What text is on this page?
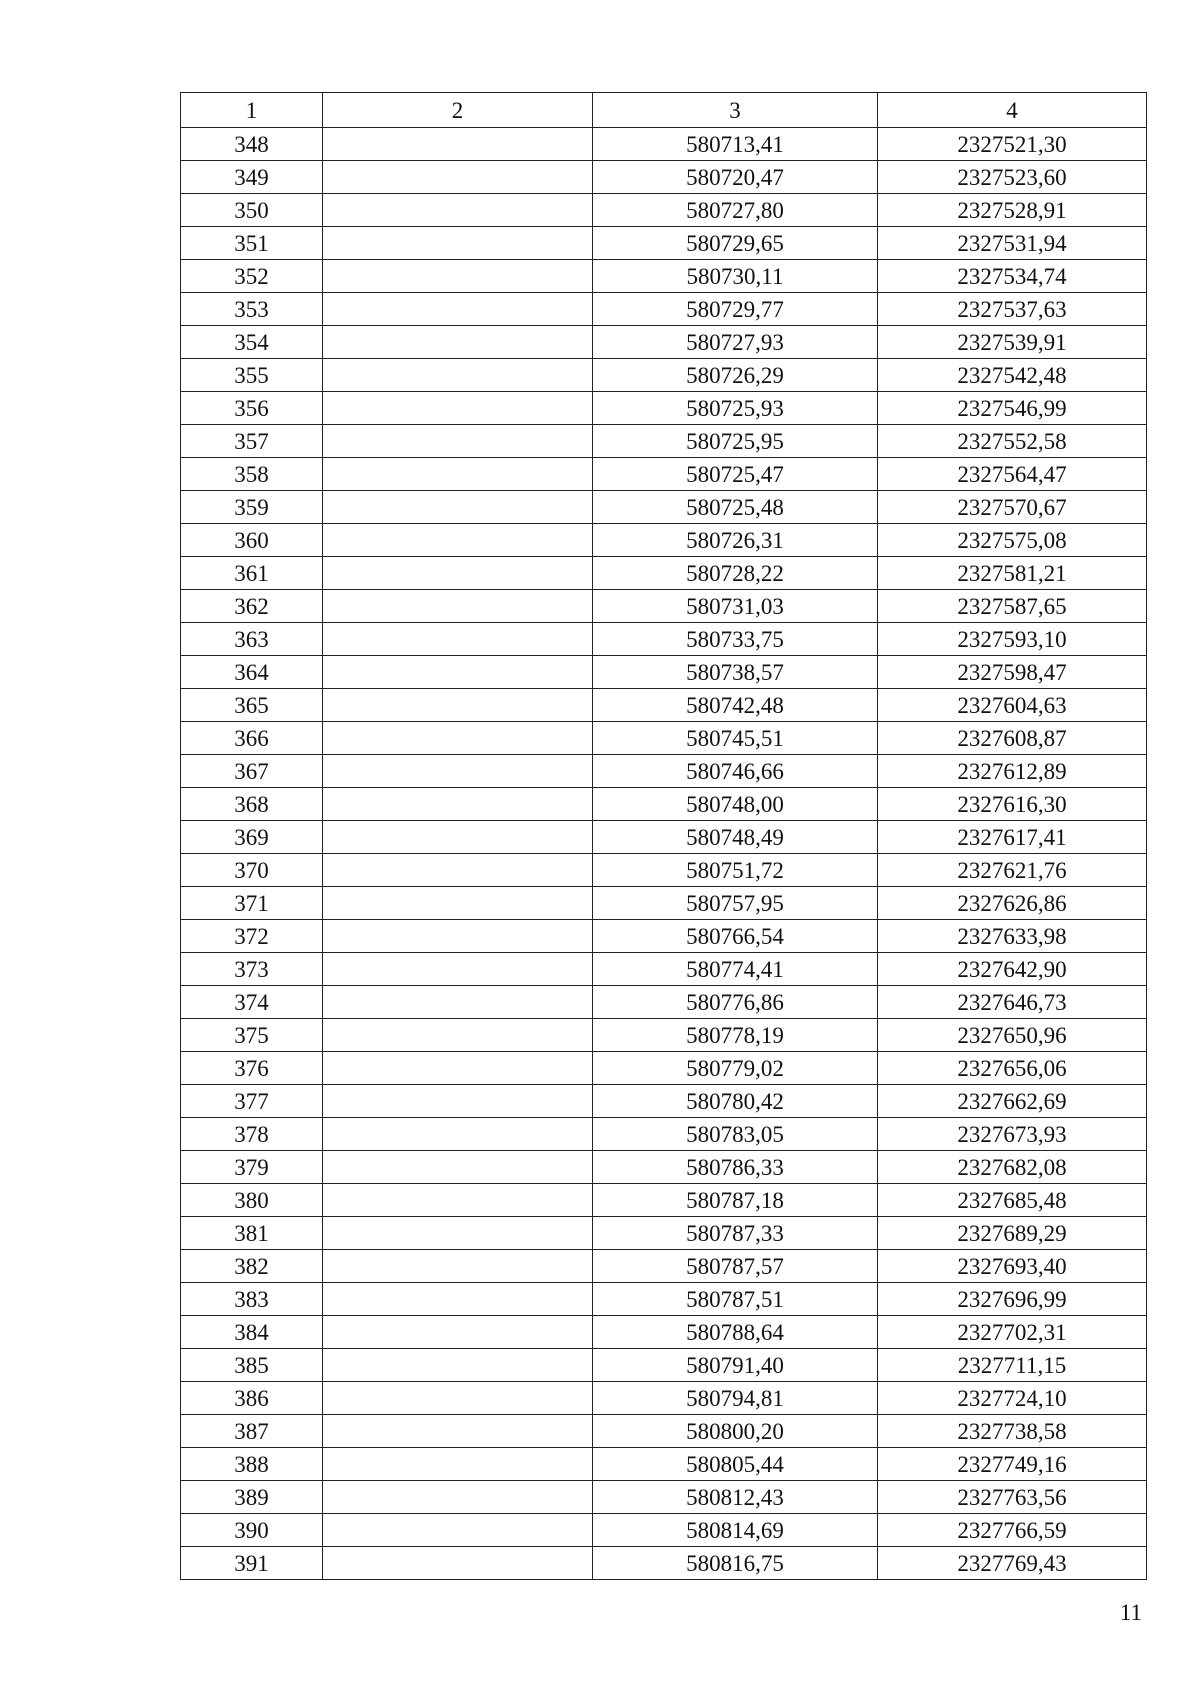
1	2	3	4
348		580713,41	2327521,30
349		580720,47	2327523,60
350		580727,80	2327528,91
351		580729,65	2327531,94
352		580730,11	2327534,74
353		580729,77	2327537,63
354		580727,93	2327539,91
355		580726,29	2327542,48
356		580725,93	2327546,99
357		580725,95	2327552,58
358		580725,47	2327564,47
359		580725,48	2327570,67
360		580726,31	2327575,08
361		580728,22	2327581,21
362		580731,03	2327587,65
363		580733,75	2327593,10
364		580738,57	2327598,47
365		580742,48	2327604,63
366		580745,51	2327608,87
367		580746,66	2327612,89
368		580748,00	2327616,30
369		580748,49	2327617,41
370		580751,72	2327621,76
371		580757,95	2327626,86
372		580766,54	2327633,98
373		580774,41	2327642,90
374		580776,86	2327646,73
375		580778,19	2327650,96
376		580779,02	2327656,06
377		580780,42	2327662,69
378		580783,05	2327673,93
379		580786,33	2327682,08
380		580787,18	2327685,48
381		580787,33	2327689,29
382		580787,57	2327693,40
383		580787,51	2327696,99
384		580788,64	2327702,31
385		580791,40	2327711,15
386		580794,81	2327724,10
387		580800,20	2327738,58
388		580805,44	2327749,16
389		580812,43	2327763,56
390		580814,69	2327766,59
391		580816,75	2327769,43
11
